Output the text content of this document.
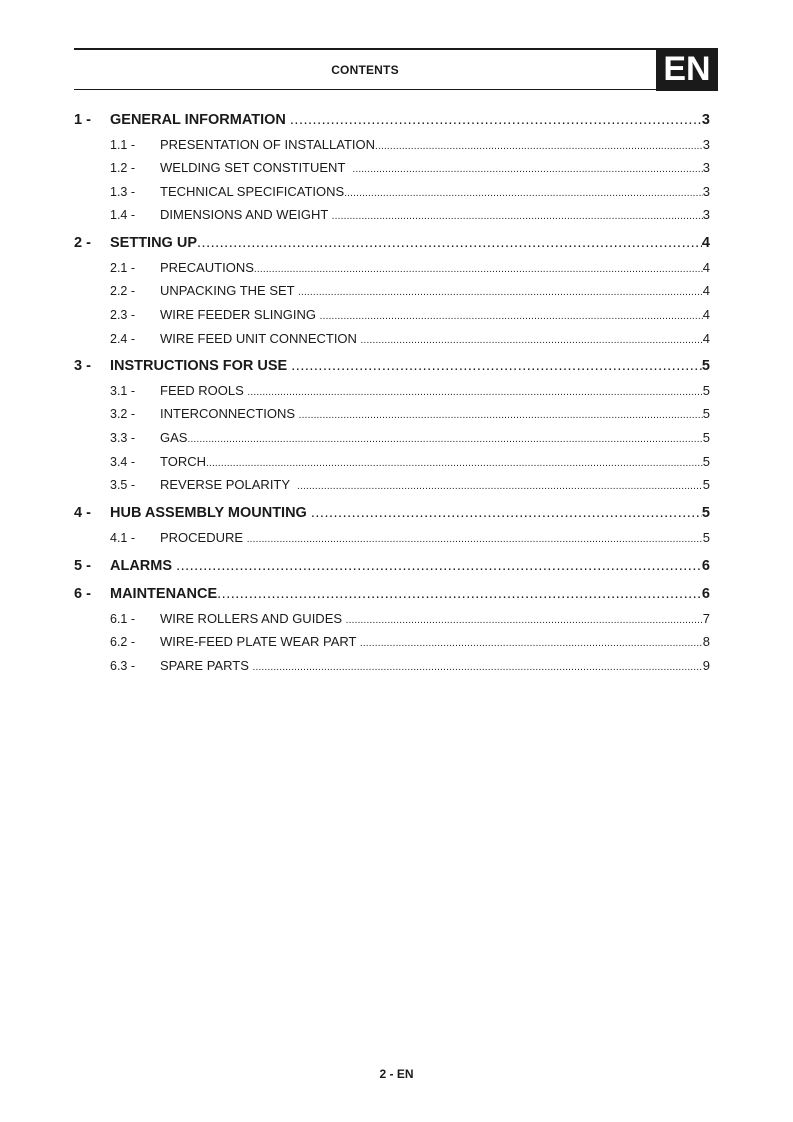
CONTENTS	EN
1 -	GENERAL INFORMATION .....	3
1.1 -	PRESENTATION OF INSTALLATION .....	3
1.2 -	WELDING SET CONSTITUENT .....	3
1.3 -	TECHNICAL SPECIFICATIONS .....	3
1.4 -	DIMENSIONS AND WEIGHT .....	3
2 -	SETTING UP .....	4
2.1 -	PRECAUTIONS .....	4
2.2 -	UNPACKING THE SET .....	4
2.3 -	WIRE FEEDER SLINGING .....	4
2.4 -	WIRE FEED UNIT CONNECTION .....	4
3 -	INSTRUCTIONS FOR USE .....	5
3.1 -	FEED ROOLS .....	5
3.2 -	INTERCONNECTIONS .....	5
3.3 -	GAS .....	5
3.4 -	TORCH .....	5
3.5 -	REVERSE POLARITY .....	5
4 -	HUB ASSEMBLY MOUNTING .....	5
4.1 -	PROCEDURE .....	5
5 -	ALARMS .....	6
6 -	MAINTENANCE .....	6
6.1 -	WIRE ROLLERS AND GUIDES .....	7
6.2 -	WIRE-FEED PLATE WEAR PART .....	8
6.3 -	SPARE PARTS .....	9
2 - EN
